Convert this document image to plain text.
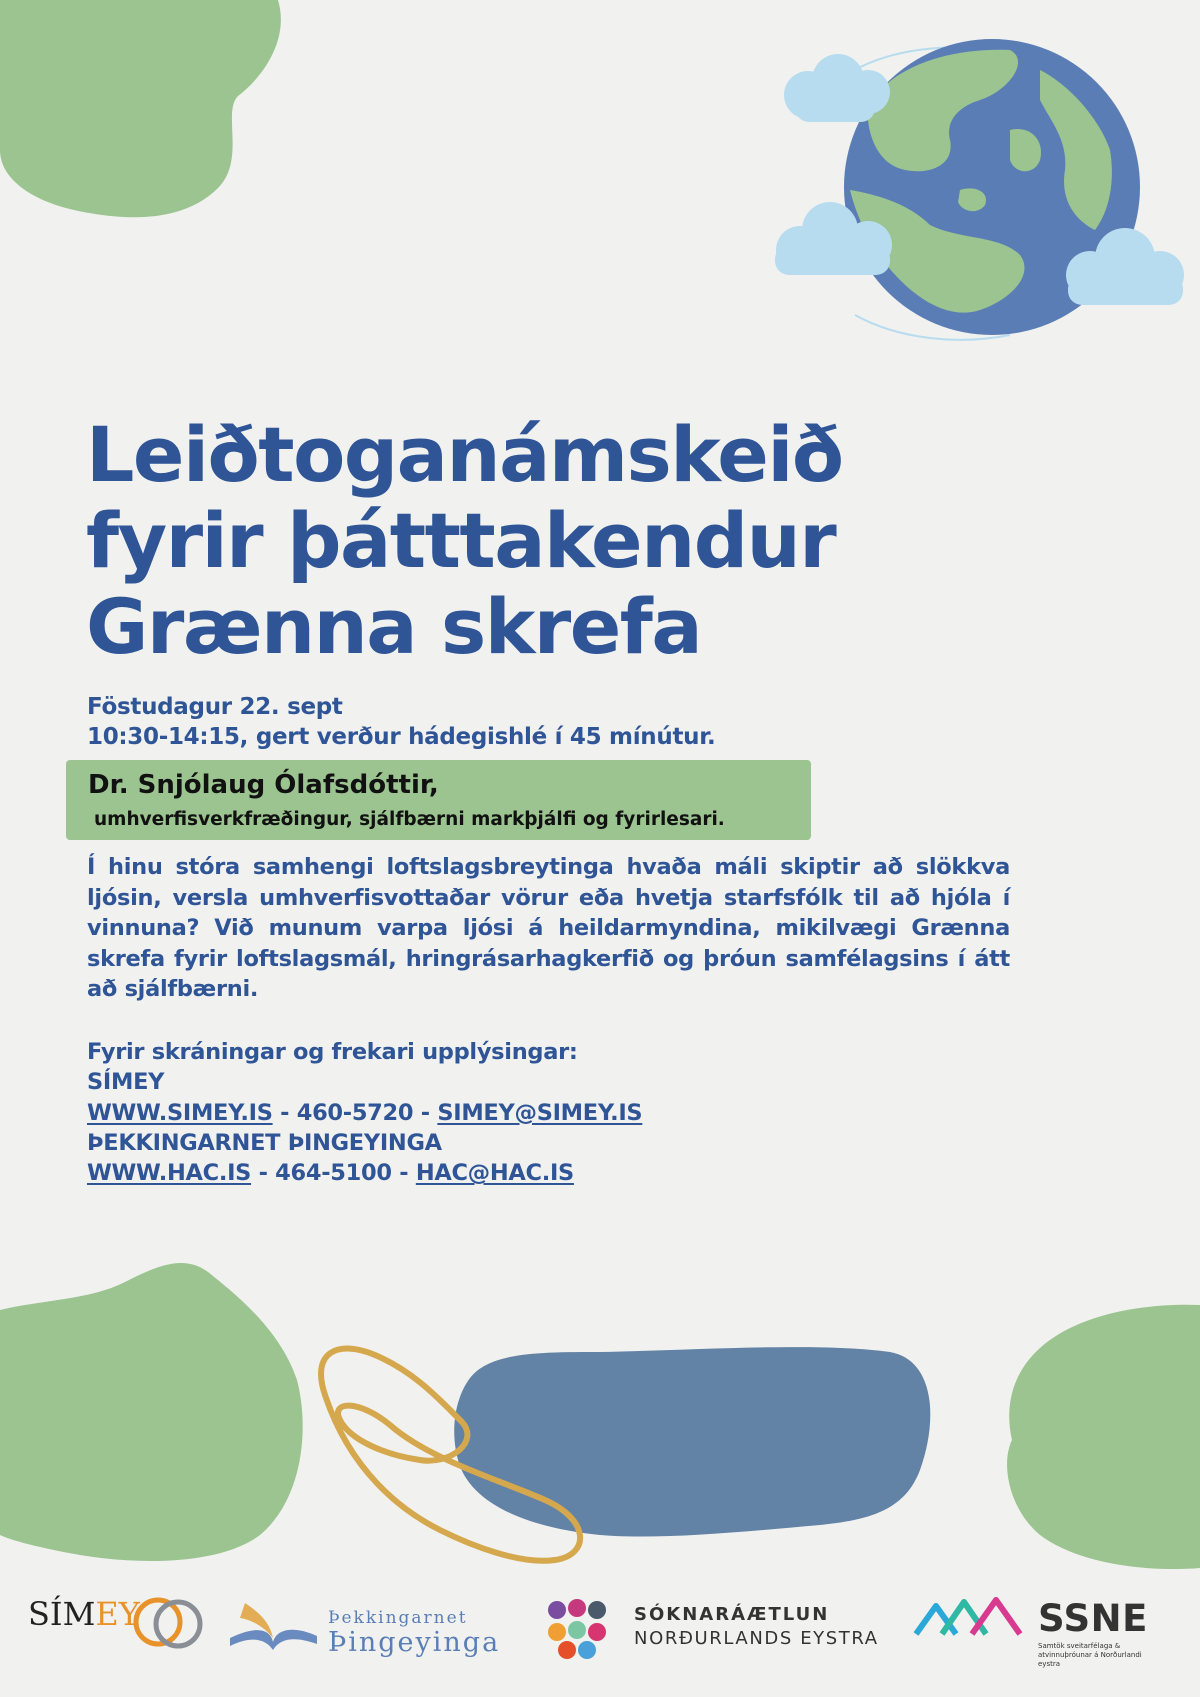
Leiðtoganámskeið
fyrir þátttakendur
Grænna skrefa
Föstudagur 22. sept
10:30-14:15, gert verður hádegishlé í 45 mínútur.
Dr. Snjólaug Ólafsdóttir,
umhverfisverkfræðingur, sjálfbærni markþjálfi og fyrirlesari.

Í hinu stóra samhengi loftslagsbreytinga hvaða máli skiptir að slökkva ljósin, versla umhverfisvottaðar vörur eða hvetja starfsfólk til að hjóla í vinnuna? Við munum varpa ljósi á heildarmyndina, mikilvægi Grænna skrefa fyrir loftslagsmál, hringrásarhagkerfið og þróun samfélagsins í átt að sjálfbærni.

Fyrir skráningar og frekari upplýsingar:
SÍMEY
WWW.SIMEY.IS - 460-5720 - SIMEY@SIMEY.IS
ÞEKKINGARNET ÞINGEYINGA
WWW.HAC.IS - 464-5100 - HAC@HAC.IS
SÍMEY	Þekkingarnet
Þingeyinga
SÓKNARÁÆTLUN
NORÐURLANDS EYSTRA	SSNE
Samtök sveitarfélaga & atvinnuþróunar á Norðurlandi eystra
